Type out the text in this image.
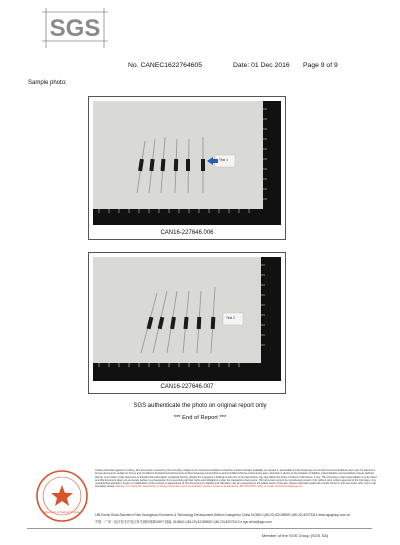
SGS
No. CANEC1622764605	Date: 01 Dec 2016 Page 9 of 9
Sample photo:
Test 1
CAN16-227646.006
Test 2
CAN16-227646.007
SGS authenticate the photo on original report only
*** End of Report ***
Inspection & Testing Services
Unless otherwise agreed in writing, this document is issued by the Company subject to its General Conditions of Service printed overleaf, available on request or accessible at http://www.sgs.com/en/Terms-and-Conditions.aspx and, for electronic format documents, subject to Terms and Conditions for Electronic Documents at http://www.sgs.com/en/Terms-and-Conditions/Terms-e-Document.aspx. Attention is drawn to the limitation of liability, indemnification and jurisdiction issues defined therein. Any holder of this document is advised that information contained hereon reflects the Company's findings at the time of its intervention only and within the limits of Client's instructions, if any. The Company's sole responsibility is to its Client and this document does not exonerate parties to a transaction from exercising all their rights and obligations under the transaction documents. This document cannot be reproduced except in full, without prior written approval of the Company. Any unauthorized alteration, forgery or falsification of the content or appearance of this document is unlawful and offenders may be prosecuted to the fullest extent of the law. Unless otherwise stated the results shown in this test report refer only to the sample(s) tested. Attention: To check the authenticity of testing /inspection report & certificate, please contact us at telephone: (86-755) 8307 1443, or email: CN.Doccheck@sgs.com
198 Kezhu Road,Scientech Park Guangzhou Economic & Technology Development District,Guangzhou,China 510663 t (86-20) 82155555 f (86-20) 82075113 www.sgsgroup.com.cn
中国・广州・经济技术开发区科学城科珠路198号 邮编: 510663 t (86-20) 82155555 f (86-20) 82075113 e sgs.china@sgs.com
Member of the SGS Group (SGS SA)
